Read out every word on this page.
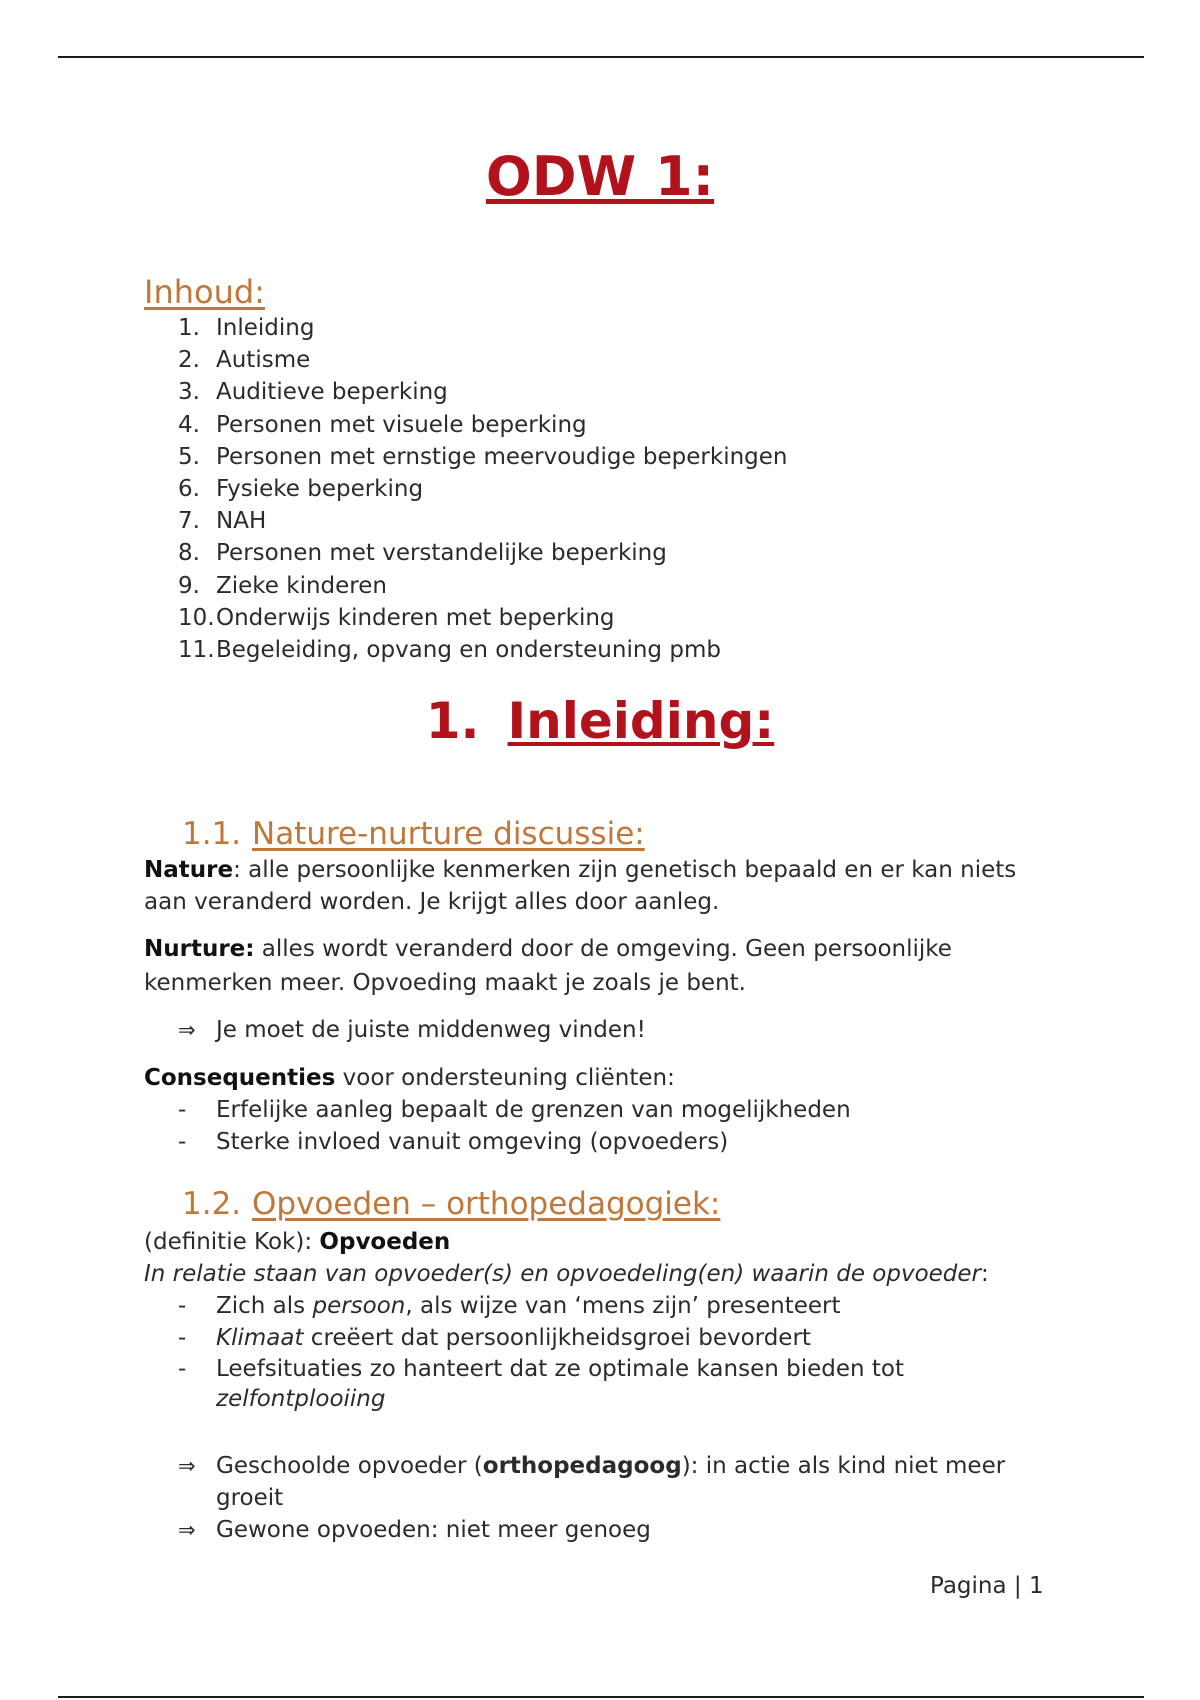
ODW 1:
Inhoud:
1. Inleiding
2. Autisme
3. Auditieve beperking
4. Personen met visuele beperking
5. Personen met ernstige meervoudige beperkingen
6. Fysieke beperking
7. NAH
8. Personen met verstandelijke beperking
9. Zieke kinderen
10.Onderwijs kinderen met beperking
11.Begeleiding, opvang en ondersteuning pmb
1. Inleiding:
1.1. Nature-nurture discussie:
Nature: alle persoonlijke kenmerken zijn genetisch bepaald en er kan niets aan veranderd worden. Je krijgt alles door aanleg.
Nurture: alles wordt veranderd door de omgeving. Geen persoonlijke kenmerken meer. Opvoeding maakt je zoals je bent.
⇒ Je moet de juiste middenweg vinden!
Consequenties voor ondersteuning cliënten:
-	Erfelijke aanleg bepaalt de grenzen van mogelijkheden
-	Sterke invloed vanuit omgeving (opvoeders)
1.2. Opvoeden – orthopedagogiek:
(definitie Kok): Opvoeden
In relatie staan van opvoeder(s) en opvoedeling(en) waarin de opvoeder:
-	Zich als persoon, als wijze van ‘mens zijn’ presenteert
-	Klimaat creëert dat persoonlijkheidsgroei bevordert
-	Leefsituaties zo hanteert dat ze optimale kansen bieden tot zelfontplooiing
⇒ Geschoolde opvoeder (orthopedagoog): in actie als kind niet meer groeit
⇒ Gewone opvoeden: niet meer genoeg
Pagina | 1
